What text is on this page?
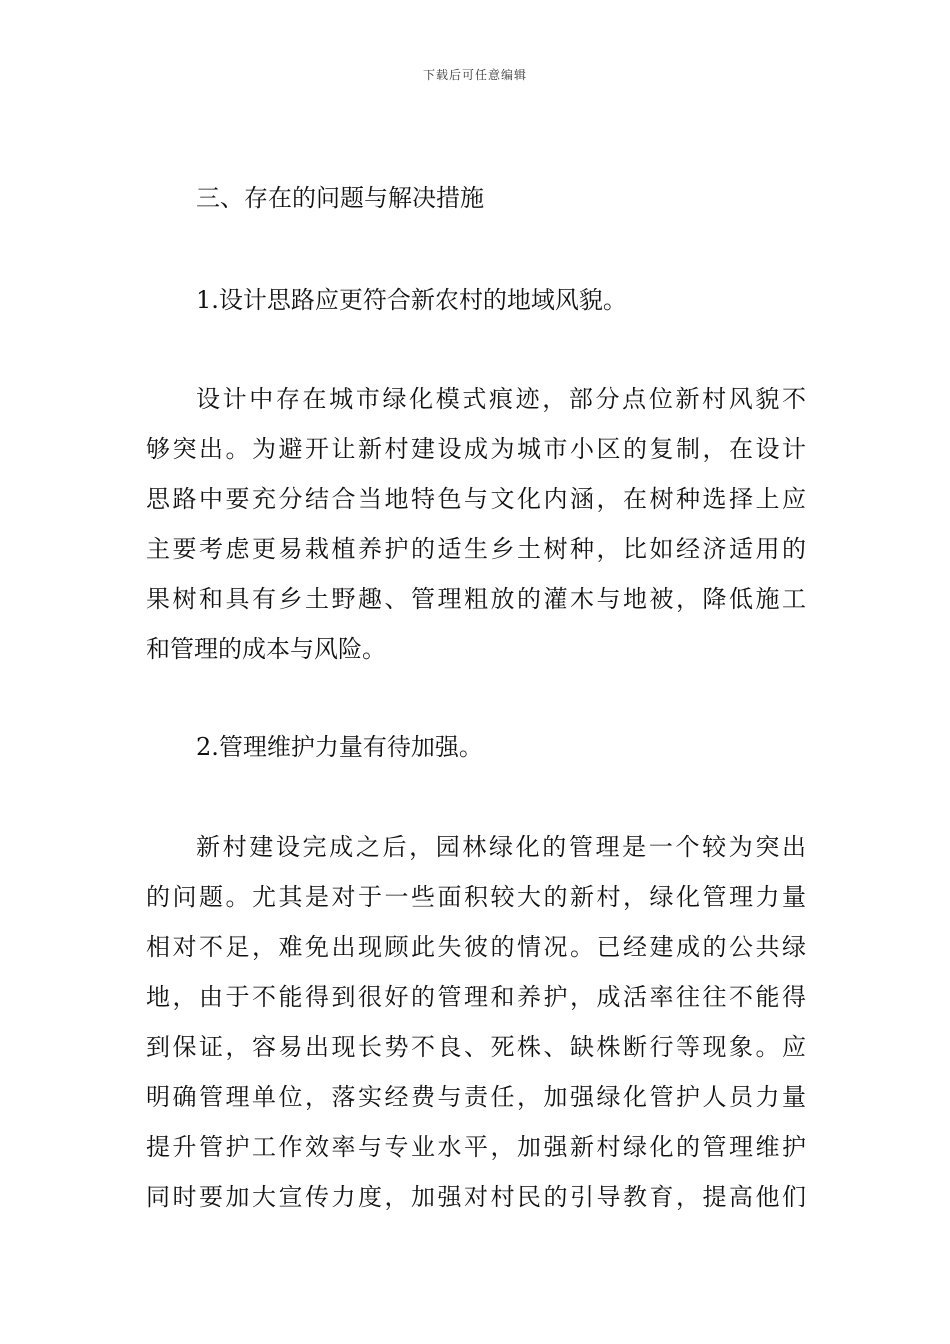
下载后可任意编辑
三、存在的问题与解决措施
1.设计思路应更符合新农村的地域风貌。
设计中存在城市绿化模式痕迹，部分点位新村风貌不
够突出。为避开让新村建设成为城市小区的复制，在设计
思路中要充分结合当地特色与文化内涵，在树种选择上应
主要考虑更易栽植养护的适生乡土树种，比如经济适用的
果树和具有乡土野趣、管理粗放的灌木与地被，降低施工
和管理的成本与风险。
2.管理维护力量有待加强。
新村建设完成之后，园林绿化的管理是一个较为突出
的问题。尤其是对于一些面积较大的新村，绿化管理力量
相对不足，难免出现顾此失彼的情况。已经建成的公共绿
地，由于不能得到很好的管理和养护，成活率往往不能得
到保证，容易出现长势不良、死株、缺株断行等现象。应
明确管理单位，落实经费与责任，加强绿化管护人员力量
提升管护工作效率与专业水平，加强新村绿化的管理维护
同时要加大宣传力度，加强对村民的引导教育，提高他们
